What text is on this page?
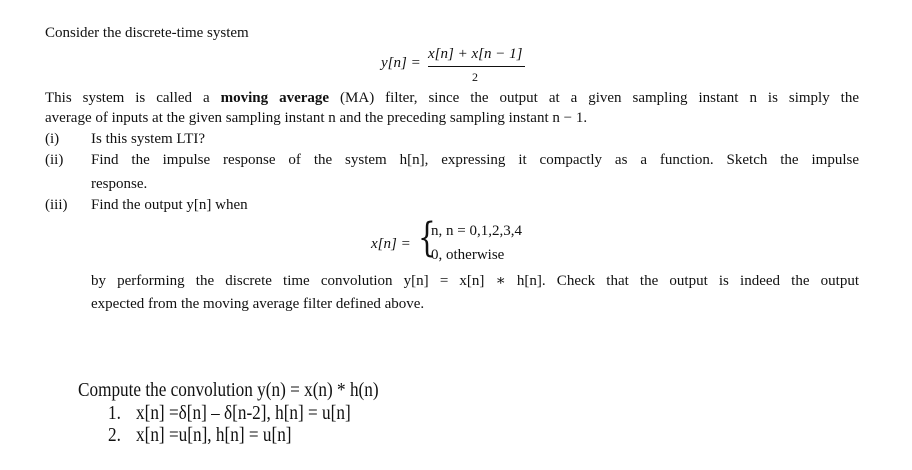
Consider the discrete-time system
y[n] =
x[n] + x[n − 1]
2
This system is called a moving average (MA) filter, since the output at a given sampling instant n is simply the
average of inputs at the given sampling instant n and the preceding sampling instant n − 1.
(i) Is this system LTI?
(ii) Find the impulse response of the system h[n], expressing it compactly as a function. Sketch the impulse
response.
(iii) Find the output y[n] when
x[n] = {
n, n = 0,1,2,3,4
0, otherwise
by performing the discrete time convolution y[n] = x[n] ∗ h[n]. Check that the output is indeed the output
expected from the moving average filter defined above.
Compute the convolution y(n) = x(n) * h(n)
1. x[n] =δ[n] – δ[n-2], h[n] = u[n]
2. x[n] =u[n], h[n] = u[n]
